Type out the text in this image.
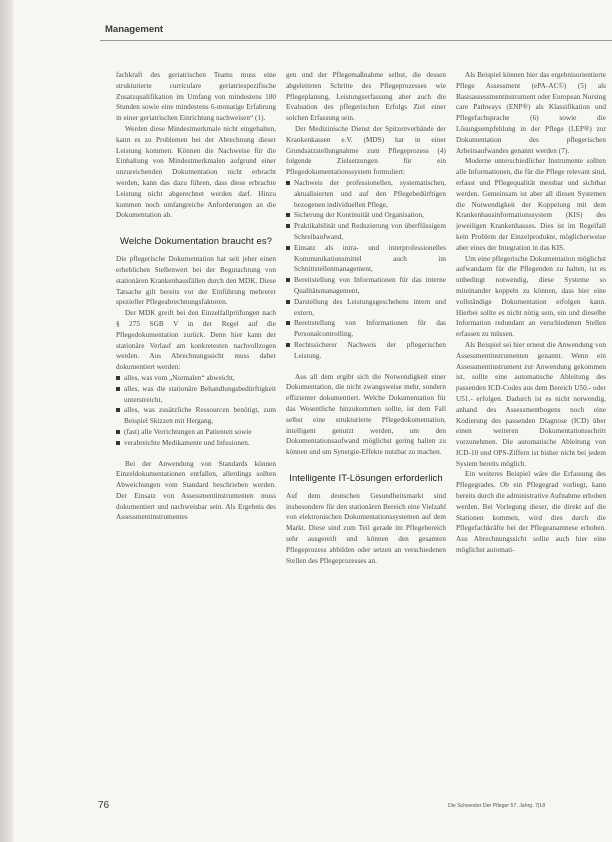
Management

fachkraft des geriatrischen Teams muss eine strukturierte curriculare geriatriespezifische Zusatzqualifikation im Umfang von mindestens 180 Stunden sowie eine mindestens 6-monatige Erfahrung in einer geriatrischen Einrichtung nachweisen“ (1).

Werden diese Mindestmerkmale nicht eingehalten, kann es zu Problemen bei der Abrechnung dieser Leistung kommen. Können die Nachweise für die Einhaltung von Mindestmerkmalen aufgrund einer unzureichenden Dokumentation nicht erbracht werden, kann das dazu führen, dass diese erbrachte Leistung nicht abgerechnet werden darf. Hinzu kommen noch umfangreiche Anforderungen an die Dokumentation ab.

Welche Dokumentation braucht es?

Die pflegerische Dokumentation hat seit jeher einen erheblichen Stellenwert bei der Begutachtung von stationären Krankenhausfällen durch den MDK. Diese Tatsache gilt bereits vor der Einführung mehrerer spezieller Pflegeabrechnungsfaktoren.

Der MDK greift bei den Einzelfallprüfungen nach § 275 SGB V in der Regel auf die Pflegedokumentation zurück. Denn hier kann der stationäre Verlauf am konkretesten nachvollzogen werden. Aus Abrechnungssicht muss daher dokumentiert werden:

alles, was vom „Normalen“ abweicht,
alles, was die stationäre Behandlungsbedürftigkeit unterstreicht,
alles, was zusätzliche Ressourcen benötigt, zum Beispiel Skizzen mit Hergang,
(fast) alle Verrichtungen an Patienten sowie
verabreichte Medikamente und Infusionen.

Bei der Anwendung von Standards können Einzeldokumentationen entfallen, allerdings sollten Abweichungen vom Standard beschrieben werden. Der Einsatz von Assessmentinstrumenten muss dokumentiert und nachweisbar sein. Als Ergebnis des Assessmentinstrumentes

gen und der Pflegemaßnahme selbst, die dessen abgeleiteten Schritte des Pflegeprozesses wie Pflegeplanung, Leistungserfassung aber auch die Evaluation des pflegerischen Erfolgs Ziel einer solchen Erfassung sein.

Der Medizinische Dienst der Spitzenverbände der Krankenkassen e.V. (MDS) hat in einer Grundsatzstellungnahme zum Pflegeprozess (4) folgende Zielsetzungen für ein Pflegedokumentationssystem formuliert:

Nachweis der professionellen, systematischen, aktualisierten und auf den Pflegebedürftigen bezogenen individuellen Pflege,
Sicherung der Kontinuität und Organisation,
Praktikabilität und Reduzierung von überflüssigem Schreibaufwand,
Einsatz als intra- und interprofessionelles Kommunikationsmittel auch im Schnittstellenmanagement,
Bereitstellung von Informationen für das interne Qualitätsmanagement,
Darstellung des Leistungsgeschehens intern und extern,
Bereitstellung von Informationen für das Personalcontrolling,
Rechtssicherer Nachweis der pflegerischen Leistung.

Aus all dem ergibt sich die Notwendigkeit einer Dokumentation, die nicht zwangsweise mehr, sondern effizienter dokumentiert. Welche Dokumentation für das Wesentliche hinzukommen sollte, ist dem Fall selbst eine strukturierte Pflegedokumentation, intelligent genutzt werden, um den Dokumentationsaufwand möglichst gering halten zu können und um Synergie-Effekte nutzbar zu machen.

Intelligente IT-Lösungen erforderlich

Auf dem deutschen Gesundheitsmarkt sind insbesondere für den stationären Bereich eine Vielzahl von elektronischen Dokumentationssystemen auf dem Markt. Diese sind zum Teil gerade im Pflegebereich sehr ausgereift und können den gesamten Pflegeprozess abbilden oder setzen an verschiedenen Stellen des Pflegeprozesses an.

Als Beispiel können hier das ergebnisorientierte Pflege Assessment (ePA-AC©) (5) als Basisassessmentinstrument oder European Nursing care Pathways (ENP®) als Klassifikation und Pflegefachsprache (6) sowie die Lösungsempfehlung in der Pflege (LEP®) zur Dokumentation des pflegerischen Arbeitsaufwandes genannt werden (7).

Moderne unterschiedlicher Instrumente sollten alle Informationen, die für die Pflege relevant sind, erfasst und Pflegequalität messbar und sichtbar werden. Gemeinsam ist aber all diesen Systemen die Notwendigkeit der Koppelung mit dem Krankenhausinformationssystem (KIS) des jeweiligen Krankenhauses. Dies ist im Regelfall kein Problem der Einzelprodukte, möglicherweise aber eines der Integration in das KIS.

Um eine pflegerische Dokumentation möglichst aufwandarm für die Pflegenden zu halten, ist es unbedingt notwendig, diese Systeme so miteinander koppeln zu können, dass hier eine vollständige Dokumentation erfolgen kann. Hierbei sollte es nicht nötig sein, ein und dieselbe Information redundant an verschiedenen Stellen erfassen zu müssen.

Als Beispiel sei hier erneut die Anwendung von Assessmentinstrumenten genannt. Wenn ein Assessmentinstrument zur Anwendung gekommen ist, sollte eine automatische Ableitung des passenden ICD-Codes aus dem Bereich U50.- oder U51.- erfolgen. Dadurch ist es nicht notwendig, anhand des Assessmentbogens noch eine Kodierung des passenden Diagnose (ICD) über einen weiteren Dokumentationsschritt vorzunehmen. Die automatische Ableitung von ICD-10 und OPS-Ziffern ist bisher nicht bei jedem System bereits möglich.

Ein weiteres Beispiel wäre die Erfassung des Pflegegrades. Ob ein Pflegegrad vorliegt, kann bereits durch die administrative Aufnahme erhoben werden. Bei Vorlegung dieser, die direkt auf die Stationen kommen, wird dies durch die Pflegefachkräfte bei der Pflegeanamnese erhoben. Aus Abrechnungssicht sollte auch hier eine möglichst automati-

76	Die Schwester Der Pfleger 57. Jahrg. 7|18
